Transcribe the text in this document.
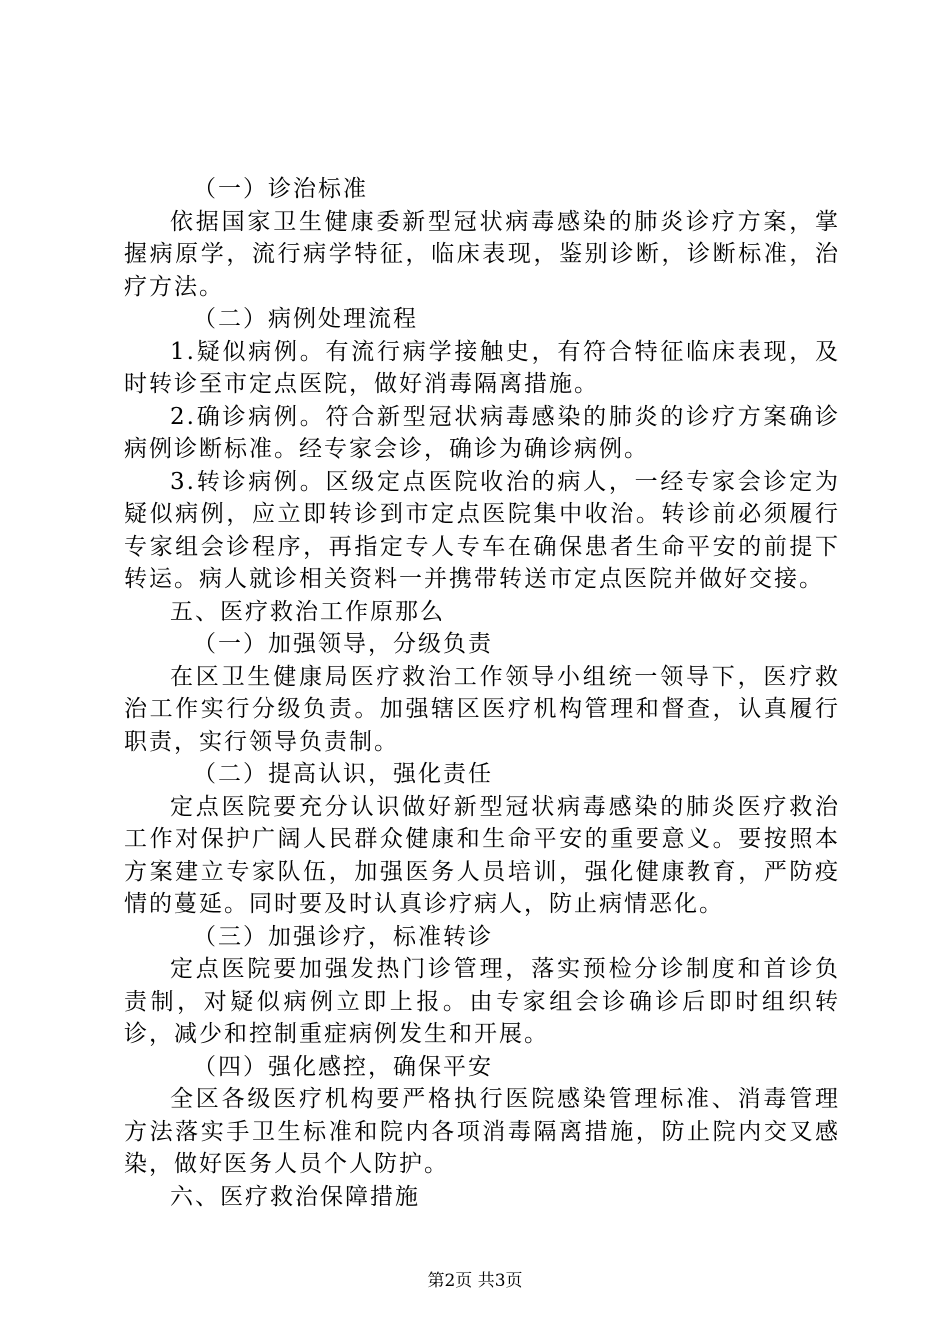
（一）诊治标准

依据国家卫生健康委新型冠状病毒感染的肺炎诊疗方案，掌握病原学，流行病学特征，临床表现，鉴别诊断，诊断标准，治疗方法。

（二）病例处理流程

1.疑似病例。有流行病学接触史，有符合特征临床表现，及时转诊至市定点医院，做好消毒隔离措施。

2.确诊病例。符合新型冠状病毒感染的肺炎的诊疗方案确诊病例诊断标准。经专家会诊，确诊为确诊病例。

3.转诊病例。区级定点医院收治的病人，一经专家会诊定为疑似病例，应立即转诊到市定点医院集中收治。转诊前必须履行专家组会诊程序，再指定专人专车在确保患者生命平安的前提下转运。病人就诊相关资料一并携带转送市定点医院并做好交接。

五、医疗救治工作原那么

（一）加强领导，分级负责

在区卫生健康局医疗救治工作领导小组统一领导下，医疗救治工作实行分级负责。加强辖区医疗机构管理和督查，认真履行职责，实行领导负责制。

（二）提高认识，强化责任

定点医院要充分认识做好新型冠状病毒感染的肺炎医疗救治工作对保护广阔人民群众健康和生命平安的重要意义。要按照本方案建立专家队伍，加强医务人员培训，强化健康教育，严防疫情的蔓延。同时要及时认真诊疗病人，防止病情恶化。

（三）加强诊疗，标准转诊

定点医院要加强发热门诊管理，落实预检分诊制度和首诊负责制，对疑似病例立即上报。由专家组会诊确诊后即时组织转诊，减少和控制重症病例发生和开展。

（四）强化感控，确保平安

全区各级医疗机构要严格执行医院感染管理标准、消毒管理方法落实手卫生标准和院内各项消毒隔离措施，防止院内交叉感染，做好医务人员个人防护。

六、医疗救治保障措施

第2页 共3页
